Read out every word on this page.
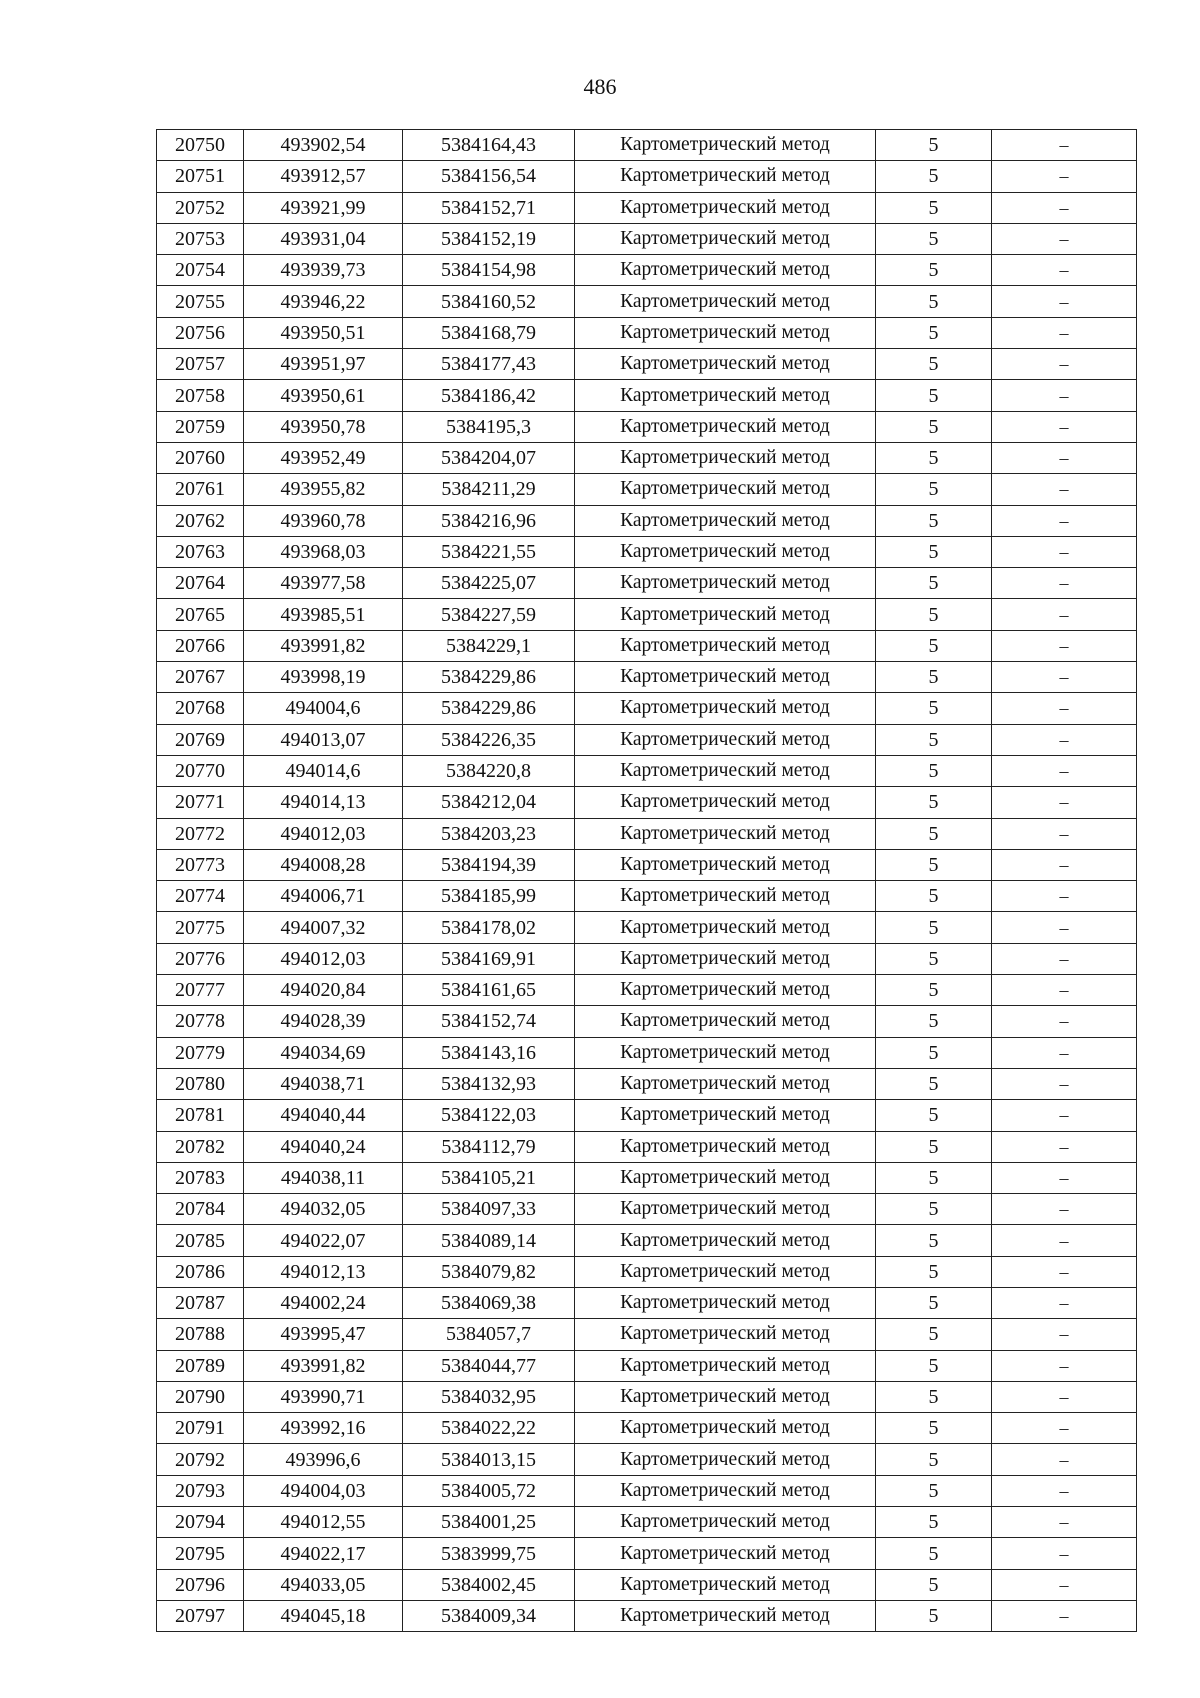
486
20750	493902,54	5384164,43	Картометрический метод	5	–
20751	493912,57	5384156,54	Картометрический метод	5	–
20752	493921,99	5384152,71	Картометрический метод	5	–
20753	493931,04	5384152,19	Картометрический метод	5	–
20754	493939,73	5384154,98	Картометрический метод	5	–
20755	493946,22	5384160,52	Картометрический метод	5	–
20756	493950,51	5384168,79	Картометрический метод	5	–
20757	493951,97	5384177,43	Картометрический метод	5	–
20758	493950,61	5384186,42	Картометрический метод	5	–
20759	493950,78	5384195,3	Картометрический метод	5	–
20760	493952,49	5384204,07	Картометрический метод	5	–
20761	493955,82	5384211,29	Картометрический метод	5	–
20762	493960,78	5384216,96	Картометрический метод	5	–
20763	493968,03	5384221,55	Картометрический метод	5	–
20764	493977,58	5384225,07	Картометрический метод	5	–
20765	493985,51	5384227,59	Картометрический метод	5	–
20766	493991,82	5384229,1	Картометрический метод	5	–
20767	493998,19	5384229,86	Картометрический метод	5	–
20768	494004,6	5384229,86	Картометрический метод	5	–
20769	494013,07	5384226,35	Картометрический метод	5	–
20770	494014,6	5384220,8	Картометрический метод	5	–
20771	494014,13	5384212,04	Картометрический метод	5	–
20772	494012,03	5384203,23	Картометрический метод	5	–
20773	494008,28	5384194,39	Картометрический метод	5	–
20774	494006,71	5384185,99	Картометрический метод	5	–
20775	494007,32	5384178,02	Картометрический метод	5	–
20776	494012,03	5384169,91	Картометрический метод	5	–
20777	494020,84	5384161,65	Картометрический метод	5	–
20778	494028,39	5384152,74	Картометрический метод	5	–
20779	494034,69	5384143,16	Картометрический метод	5	–
20780	494038,71	5384132,93	Картометрический метод	5	–
20781	494040,44	5384122,03	Картометрический метод	5	–
20782	494040,24	5384112,79	Картометрический метод	5	–
20783	494038,11	5384105,21	Картометрический метод	5	–
20784	494032,05	5384097,33	Картометрический метод	5	–
20785	494022,07	5384089,14	Картометрический метод	5	–
20786	494012,13	5384079,82	Картометрический метод	5	–
20787	494002,24	5384069,38	Картометрический метод	5	–
20788	493995,47	5384057,7	Картометрический метод	5	–
20789	493991,82	5384044,77	Картометрический метод	5	–
20790	493990,71	5384032,95	Картометрический метод	5	–
20791	493992,16	5384022,22	Картометрический метод	5	–
20792	493996,6	5384013,15	Картометрический метод	5	–
20793	494004,03	5384005,72	Картометрический метод	5	–
20794	494012,55	5384001,25	Картометрический метод	5	–
20795	494022,17	5383999,75	Картометрический метод	5	–
20796	494033,05	5384002,45	Картометрический метод	5	–
20797	494045,18	5384009,34	Картометрический метод	5	–
